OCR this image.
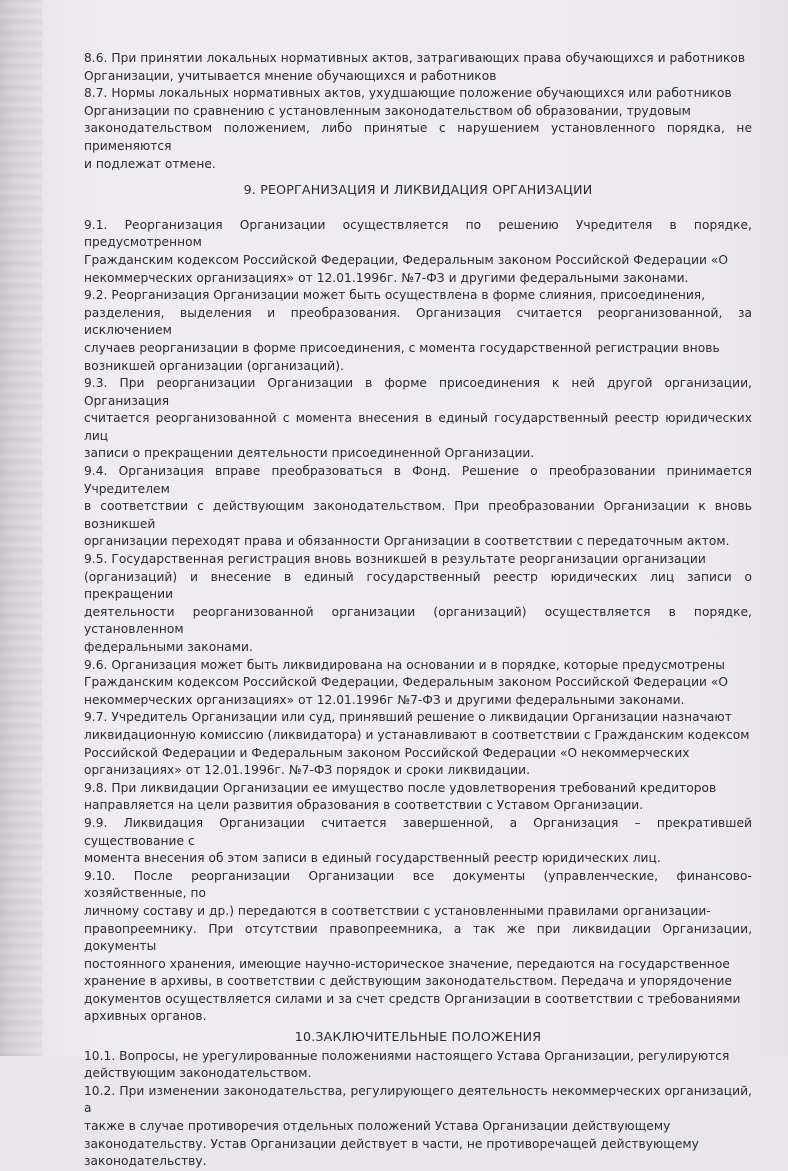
8.6. При принятии локальных нормативных актов, затрагивающих права обучающихся и работников
Организации, учитывается мнение обучающихся и работников

8.7. Нормы локальных нормативных актов, ухудшающие положение обучающихся или работников
Организации по сравнению с установленным законодательством об образовании, трудовым
законодательством положением, либо принятые с нарушением установленного порядка, не применяются
и подлежат отмене.

9. РЕОРГАНИЗАЦИЯ И ЛИКВИДАЦИЯ ОРГАНИЗАЦИИ

9.1. Реорганизация Организации осуществляется по решению Учредителя в порядке, предусмотренном
Гражданским кодексом Российской Федерации, Федеральным законом Российской Федерации «О
некоммерческих организациях» от 12.01.1996г. №7-ФЗ и другими федеральными законами.

9.2. Реорганизация Организации может быть осуществлена в форме слияния, присоединения,
разделения, выделения и преобразования. Организация считается реорганизованной, за исключением
случаев реорганизации в форме присоединения, с момента государственной регистрации вновь
возникшей организации (организаций).

9.3. При реорганизации Организации в форме присоединения к ней другой организации, Организация
считается реорганизованной с момента внесения в единый государственный реестр юридических лиц
записи о прекращении деятельности присоединенной Организации.

9.4. Организация вправе преобразоваться в Фонд. Решение о преобразовании принимается Учредителем
в соответствии с действующим законодательством. При преобразовании Организации к вновь возникшей
организации переходят права и обязанности Организации в соответствии с передаточным актом.

9.5. Государственная регистрация вновь возникшей в результате реорганизации организации
(организаций) и внесение в единый государственный реестр юридических лиц записи о прекращении
деятельности реорганизованной организации (организаций) осуществляется в порядке, установленном
федеральными законами.

9.6. Организация может быть ликвидирована на основании и в порядке, которые предусмотрены
Гражданским кодексом Российской Федерации, Федеральным законом Российской Федерации «О
некоммерческих организациях» от 12.01.1996г №7-ФЗ и другими федеральными законами.

9.7. Учредитель Организации или суд, принявший решение о ликвидации Организации назначают
ликвидационную комиссию (ликвидатора) и устанавливают в соответствии с Гражданским кодексом
Российской Федерации и Федеральным законом Российской Федерации «О некоммерческих
организациях» от 12.01.1996г. №7-ФЗ порядок и сроки ликвидации.

9.8. При ликвидации Организации ее имущество после удовлетворения требований кредиторов
направляется на цели развития образования в соответствии с Уставом Организации.

9.9. Ликвидация Организации считается завершенной, а Организация – прекратившей существование с
момента внесения об этом записи в единый государственный реестр юридических лиц.

9.10. После реорганизации Организации все документы (управленческие, финансово-хозяйственные, по
личному составу и др.) передаются в соответствии с установленными правилами организации-
правопреемнику. При отсутствии правопреемника, а так же при ликвидации Организации, документы
постоянного хранения, имеющие научно-историческое значение, передаются на государственное
хранение в архивы, в соответствии с действующим законодательством. Передача и упорядочение
документов осуществляется силами и за счет средств Организации в соответствии с требованиями
архивных органов.

10.ЗАКЛЮЧИТЕЛЬНЫЕ ПОЛОЖЕНИЯ

10.1. Вопросы, не урегулированные положениями настоящего Устава Организации, регулируются
действующим законодательством.

10.2. При изменении законодательства, регулирующего деятельность некоммерческих организаций, а
также в случае противоречия отдельных положений Устава Организации действующему
законодательству. Устав Организации действует в части, не противоречащей действующему
законодательству.
